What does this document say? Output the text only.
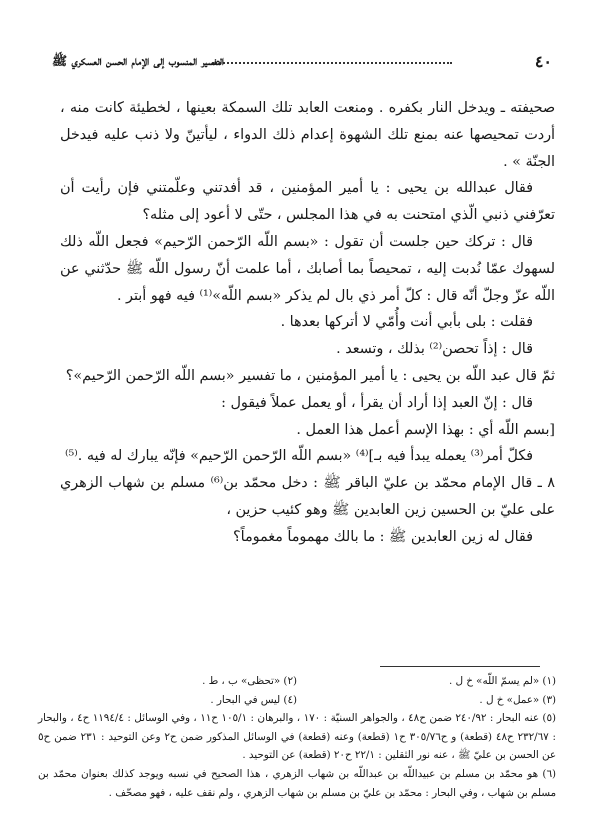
٤٠
التفسير المنسوب إلى الإمام الحسن العسكري ﷺ

صحيفته ـ ويدخل النار بكفره . ومنعت العابد تلك السمكة بعينها ، لخطيئة كانت منه ، أردت تمحيصها عنه بمنع تلك الشهوة إعدام ذلك الدواء ، ليأتينّ ولا ذنب عليه فيدخل الجنّة » .

فقال عبدالله بن يحيى : يا أمير المؤمنين ، قد أفدتني وعلّمتني فإن رأيت أن تعرّفني ذنبي الّذي امتحنت به في هذا المجلس ، حتّى لا أعود إلى مثله؟

قال : تركك حين جلست أن تقول : «بسم اللّه الرّحمن الرّحيم» فجعل اللّه ذلك لسهوك عمّا نُدبت إليه ، تمحيصاً بما أصابك ، أما علمت أنّ رسول اللّه ﷺ حدّثني عن اللّه عزّ وجلّ أنّه قال : كلّ أمر ذي بال لم يذكر «بسم اللّه»⁽¹⁾ فيه فهو أبتر .

فقلت : بلى بأبي أنت وأُمّي لا أتركها بعدها .

قال : إذاً تحصن⁽²⁾ بذلك ، وتسعد .

ثمّ قال عبد اللّه بن يحيى : يا أمير المؤمنين ، ما تفسير «بسم اللّه الرّحمن الرّحيم»؟

قال : إنّ العبد إذا أراد أن يقرأ ، أو يعمل عملاً فيقول :

[بسم اللّه أي : بهذا الإسم أعمل هذا العمل .

فكلّ أمر⁽³⁾ يعمله يبدأ فيه بـ]⁽⁴⁾ «بسم اللّه الرّحمن الرّحيم» فإنّه يبارك له فيه .⁽⁵⁾

٨ ـ قال الإمام محمّد بن عليّ الباقر ﷺ : دخل محمّد بن⁽⁶⁾ مسلم بن شهاب الزهري على عليّ بن الحسين زين العابدين ﷺ وهو كئيب حزين ،

فقال له زين العابدين ﷺ : ما بالك مهموماً مغموماً؟

(١) «لم يسمّ اللّه» خ ل .
(٢) «تحظى» ب ، ط .
(٣) «عمل» خ ل .
(٤) ليس في البحار .

(٥) عنه البحار : ٢٤٠/٩٢ ضمن ح٤٨ ، والجواهر السنيّة : ١٧٠ ، والبرهان : ١٠٥/١ ح١١ ، وفي الوسائل : ١١٩٤/٤ ح٤ ، والبحار : ٢٣٢/٦٧ ح٤٨ (قطعة) و ح٣٠٥/٧٦ ح١ (قطعة) وعنه (قطعة) في الوسائل المذكور ضمن ح٢ وعن التوحيد : ٢٣١ ضمن ح٥ عن الحسن بن عليّ ﷺ ، عنه نور الثقلين : ٢٢/١ ح٢٠ (قطعة) عن التوحيد .

(٦) هو محمّد بن مسلم بن عبيداللّه بن عبداللّه بن شهاب الزهري ، هذا الصحيح في نسبه ويوجد كذلك بعنوان محمّد بن مسلم بن شهاب ، وفي البحار : محمّد بن عليّ بن مسلم بن شهاب الزهري ، ولم نقف عليه ، فهو مصحّف .
